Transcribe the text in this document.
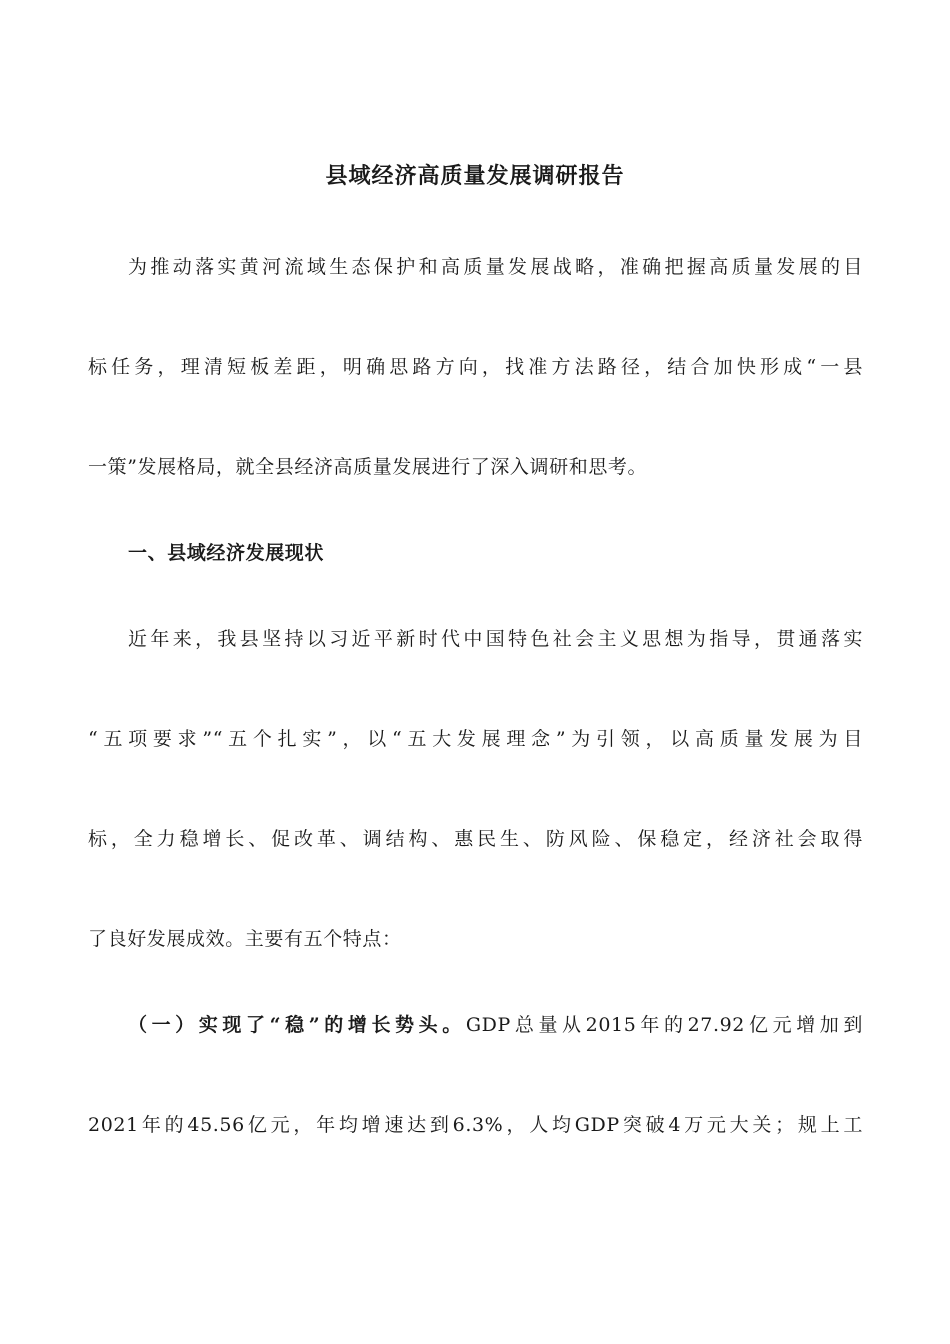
县域经济高质量发展调研报告
为推动落实黄河流域生态保护和高质量发展战略，准确把握高质量发展的目
标任务，理清短板差距，明确思路方向，找准方法路径，结合加快形成“一县
一策”发展格局，就全县经济高质量发展进行了深入调研和思考。
一、县域经济发展现状
近年来，我县坚持以习近平新时代中国特色社会主义思想为指导，贯通落实
“五项要求”“五个扎实”，以“五大发展理念”为引领，以高质量发展为目
标，全力稳增长、促改革、调结构、惠民生、防风险、保稳定，经济社会取得
了良好发展成效。主要有五个特点：
（一）实现了“稳”的增长势头。GDP总量从2015年的27.92亿元增加到
2021年的45.56亿元，年均增速达到6.3%，人均GDP突破4万元大关；规上工
